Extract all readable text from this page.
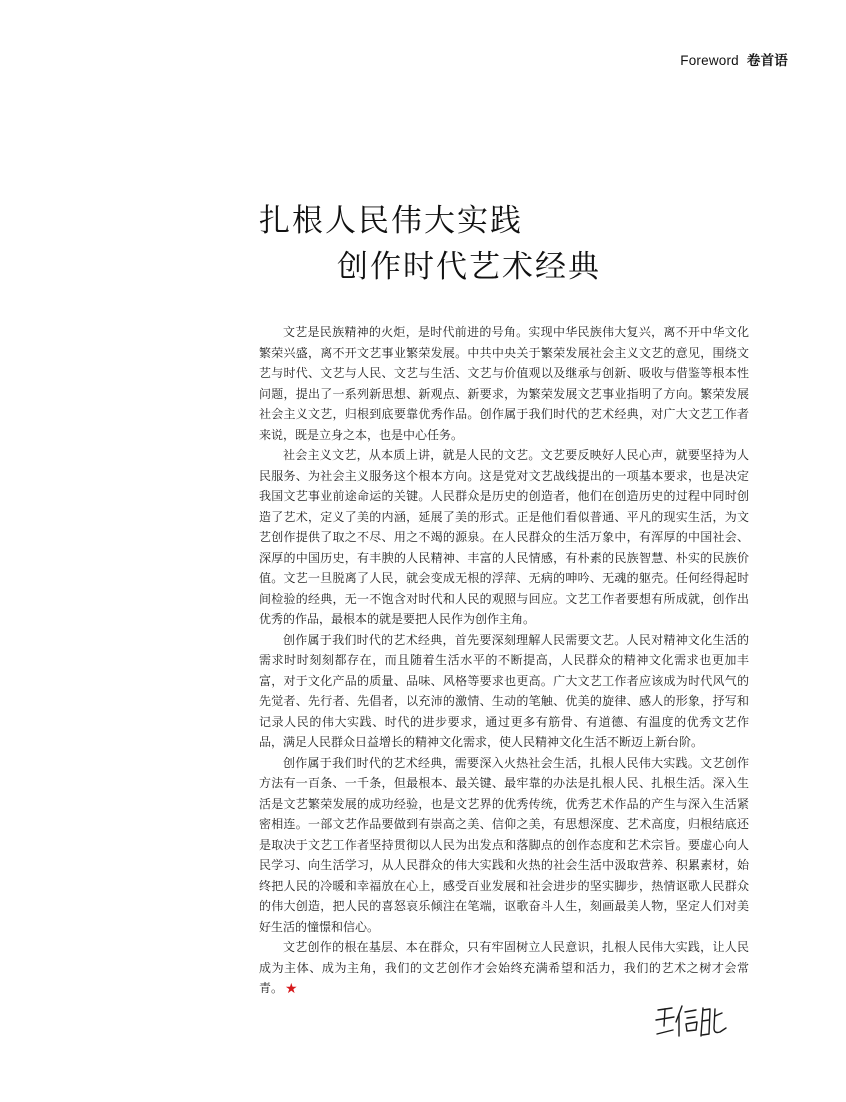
Foreword 卷首语
扎根人民伟大实践
创作时代艺术经典

文艺是民族精神的火炬，是时代前进的号角。实现中华民族伟大复兴，离不开中华文化繁荣兴盛，离不开文艺事业繁荣发展。中共中央关于繁荣发展社会主义文艺的意见，围绕文艺与时代、文艺与人民、文艺与生活、文艺与价值观以及继承与创新、吸收与借鉴等根本性问题，提出了一系列新思想、新观点、新要求，为繁荣发展文艺事业指明了方向。繁荣发展社会主义文艺，归根到底要靠优秀作品。创作属于我们时代的艺术经典，对广大文艺工作者来说，既是立身之本，也是中心任务。

社会主义文艺，从本质上讲，就是人民的文艺。文艺要反映好人民心声，就要坚持为人民服务、为社会主义服务这个根本方向。这是党对文艺战线提出的一项基本要求，也是决定我国文艺事业前途命运的关键。人民群众是历史的创造者，他们在创造历史的过程中同时创造了艺术，定义了美的内涵，延展了美的形式。正是他们看似普通、平凡的现实生活，为文艺创作提供了取之不尽、用之不竭的源泉。在人民群众的生活万象中，有浑厚的中国社会、深厚的中国历史，有丰腴的人民精神、丰富的人民情感，有朴素的民族智慧、朴实的民族价值。文艺一旦脱离了人民，就会变成无根的浮萍、无病的呻吟、无魂的躯壳。任何经得起时间检验的经典，无一不饱含对时代和人民的观照与回应。文艺工作者要想有所成就，创作出优秀的作品，最根本的就是要把人民作为创作主角。

创作属于我们时代的艺术经典，首先要深刻理解人民需要文艺。人民对精神文化生活的需求时时刻刻都存在，而且随着生活水平的不断提高，人民群众的精神文化需求也更加丰富，对于文化产品的质量、品味、风格等要求也更高。广大文艺工作者应该成为时代风气的先觉者、先行者、先倡者，以充沛的激情、生动的笔触、优美的旋律、感人的形象，抒写和记录人民的伟大实践、时代的进步要求，通过更多有筋骨、有道德、有温度的优秀文艺作品，满足人民群众日益增长的精神文化需求，使人民精神文化生活不断迈上新台阶。

创作属于我们时代的艺术经典，需要深入火热社会生活，扎根人民伟大实践。文艺创作方法有一百条、一千条，但最根本、最关键、最牢靠的办法是扎根人民、扎根生活。深入生活是文艺繁荣发展的成功经验，也是文艺界的优秀传统，优秀艺术作品的产生与深入生活紧密相连。一部文艺作品要做到有崇高之美、信仰之美，有思想深度、艺术高度，归根结底还是取决于文艺工作者坚持贯彻以人民为出发点和落脚点的创作态度和艺术宗旨。要虚心向人民学习、向生活学习，从人民群众的伟大实践和火热的社会生活中汲取营养、积累素材，始终把人民的冷暖和幸福放在心上，感受百业发展和社会进步的坚实脚步，热情讴歌人民群众的伟大创造，把人民的喜怒哀乐倾注在笔端，讴歌奋斗人生，刻画最美人物，坚定人们对美好生活的憧憬和信心。

文艺创作的根在基层、本在群众，只有牢固树立人民意识，扎根人民伟大实践，让人民成为主体、成为主角，我们的文艺创作才会始终充满希望和活力，我们的艺术之树才会常青。 ★
